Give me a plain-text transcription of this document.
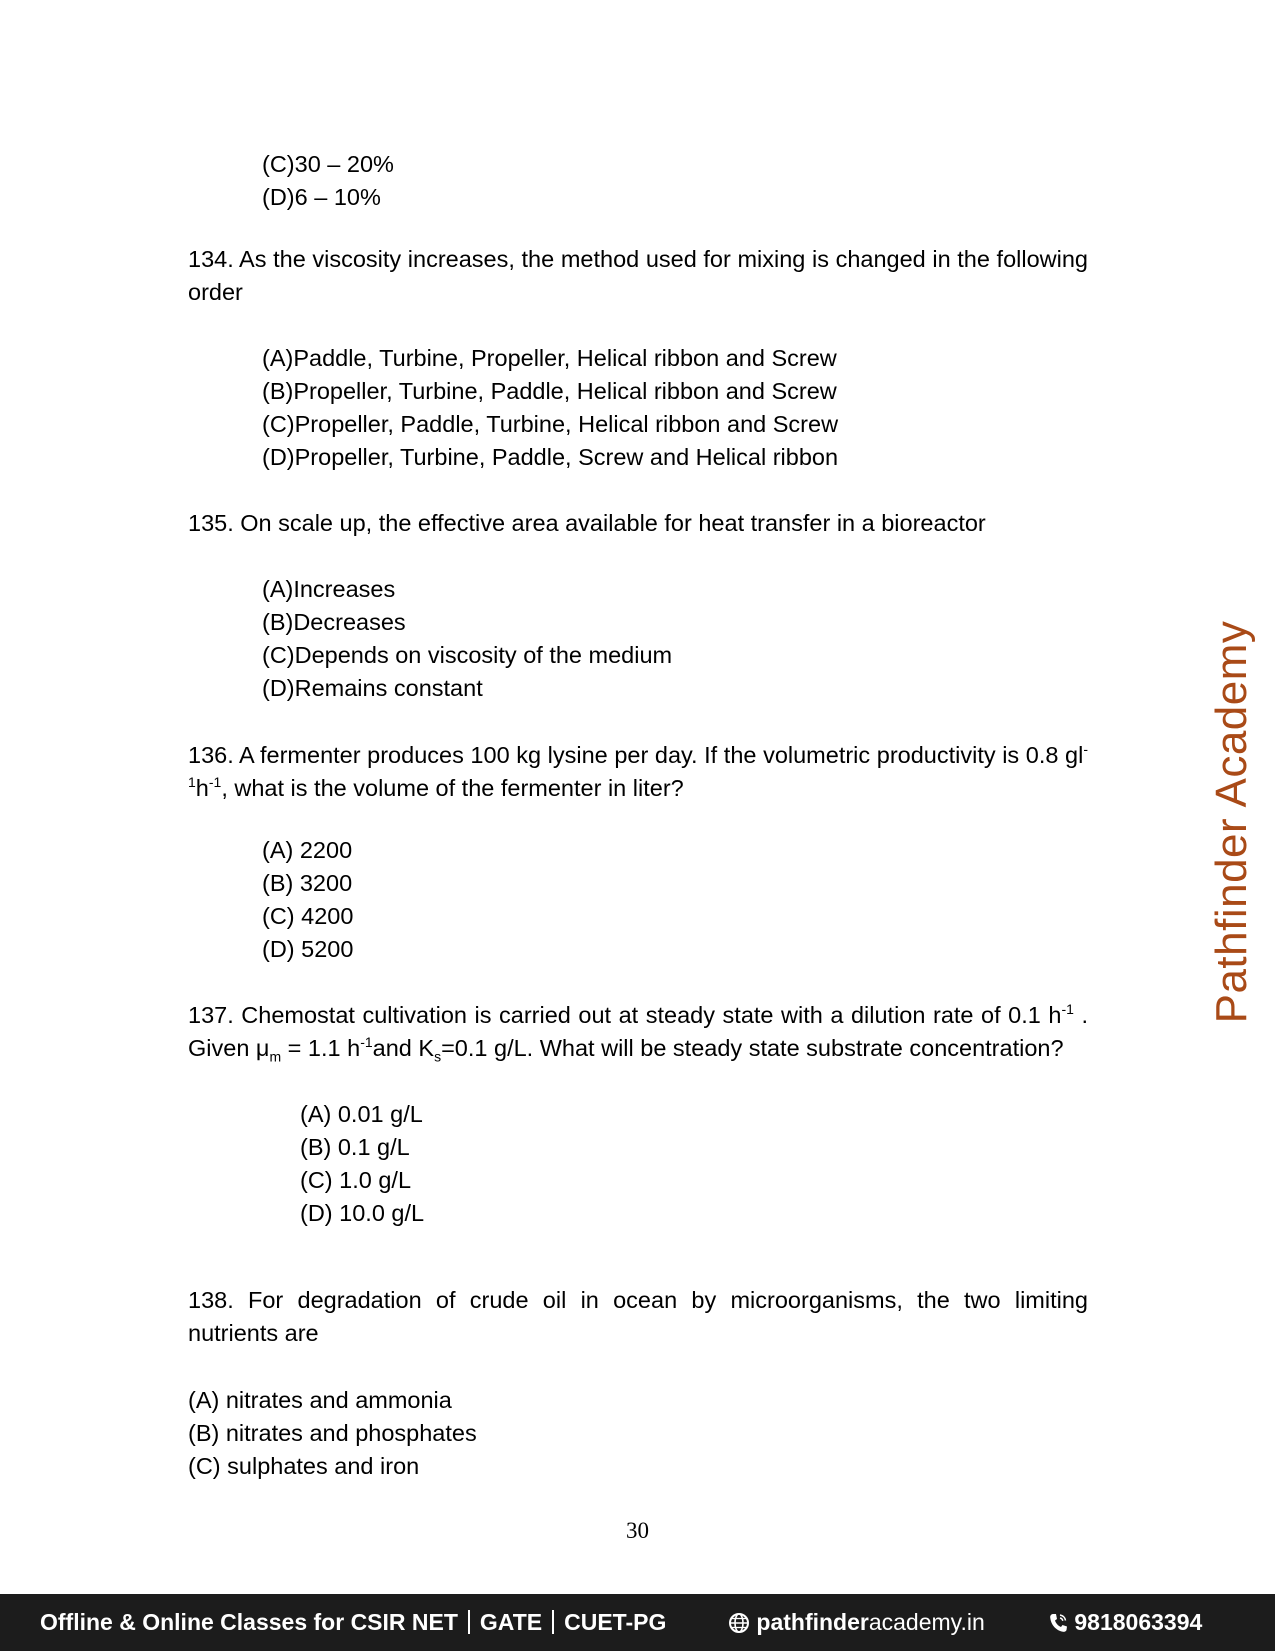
(C)30 – 20%
(D)6 – 10%
134. As the viscosity increases, the method used for mixing is changed in the following order
(A)Paddle, Turbine, Propeller, Helical ribbon and Screw
(B)Propeller, Turbine, Paddle, Helical ribbon and Screw
(C)Propeller, Paddle, Turbine, Helical ribbon and Screw
(D)Propeller, Turbine, Paddle, Screw and Helical ribbon
135. On scale up, the effective area available for heat transfer in a bioreactor
(A)Increases
(B)Decreases
(C)Depends on viscosity of the medium
(D)Remains constant
136. A fermenter produces 100 kg lysine per day. If the volumetric productivity is 0.8 $gl^{-1}h^{-1}$, what is the volume of the fermenter in liter?
(A) 2200
(B) 3200
(C) 4200
(D) 5200
137. Chemostat cultivation is carried out at steady state with a dilution rate of 0.1 $h^{-1}$ . Given $\mu_m = 1.1$ $h^{-1}and$ $K_s=0.1$ g/L. What will be steady state substrate concentration?
(A) 0.01 g/L
(B) 0.1 g/L
(C) 1.0 g/L
(D) 10.0 g/L
138. For degradation of crude oil in ocean by microorganisms, the two limiting nutrients are
(A) nitrates and ammonia
(B) nitrates and phosphates
(C) sulphates and iron
Pathfinder Academy
30
Offline & Online Classes for CSIR NET GATE CUET-PG	pathfinderacademy.in	9818063394
